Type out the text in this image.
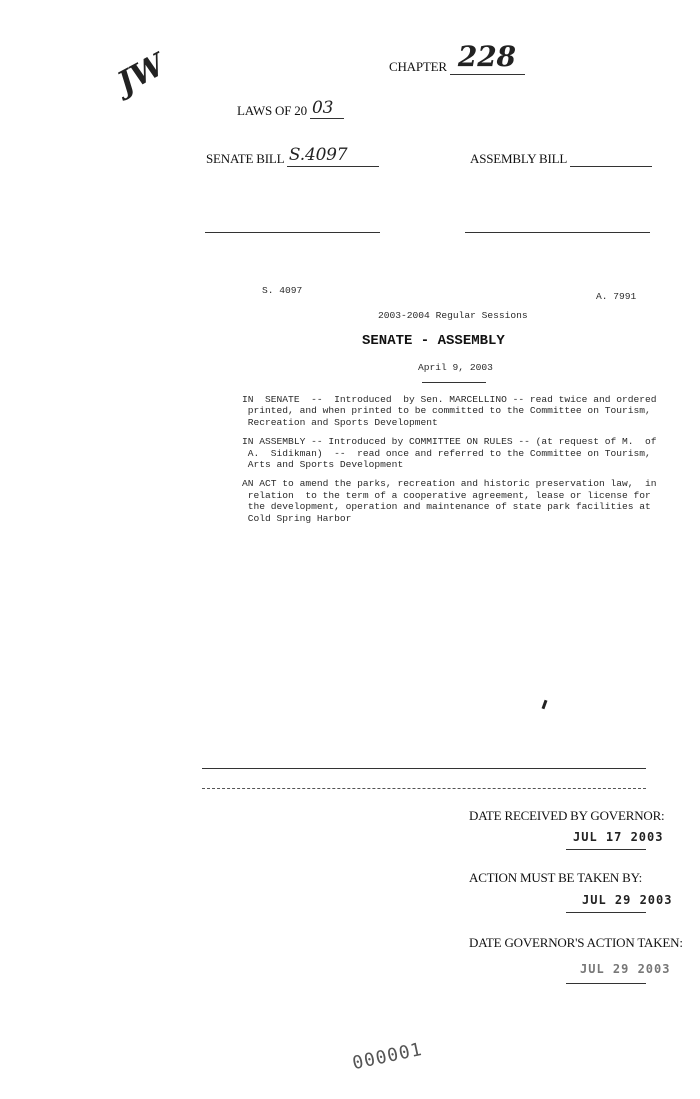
JW	CHAPTER 228
LAWS OF 20 03
SENATE BILL S.4097	ASSEMBLY BILL
S. 4097
A. 7991
2003-2004 Regular Sessions
SENATE - ASSEMBLY
April 9, 2003
IN  SENATE  --  Introduced  by Sen. MARCELLINO -- read twice and ordered
printed, and when printed to be committed to the Committee on Tourism,
Recreation and Sports Development
IN ASSEMBLY -- Introduced by COMMITTEE ON RULES -- (at request of M.  of
A.  Sidikman)  --  read once and referred to the Committee on Tourism,
Arts and Sports Development
AN ACT to amend the parks, recreation and historic preservation law,  in
relation  to the term of a cooperative agreement, lease or license for
the development, operation and maintenance of state park facilities at
Cold Spring Harbor
DATE RECEIVED BY GOVERNOR:
JUL 17 2003
ACTION MUST BE TAKEN BY:
JUL 29 2003
DATE GOVERNOR'S ACTION TAKEN:
JUL 29 2003
000001
